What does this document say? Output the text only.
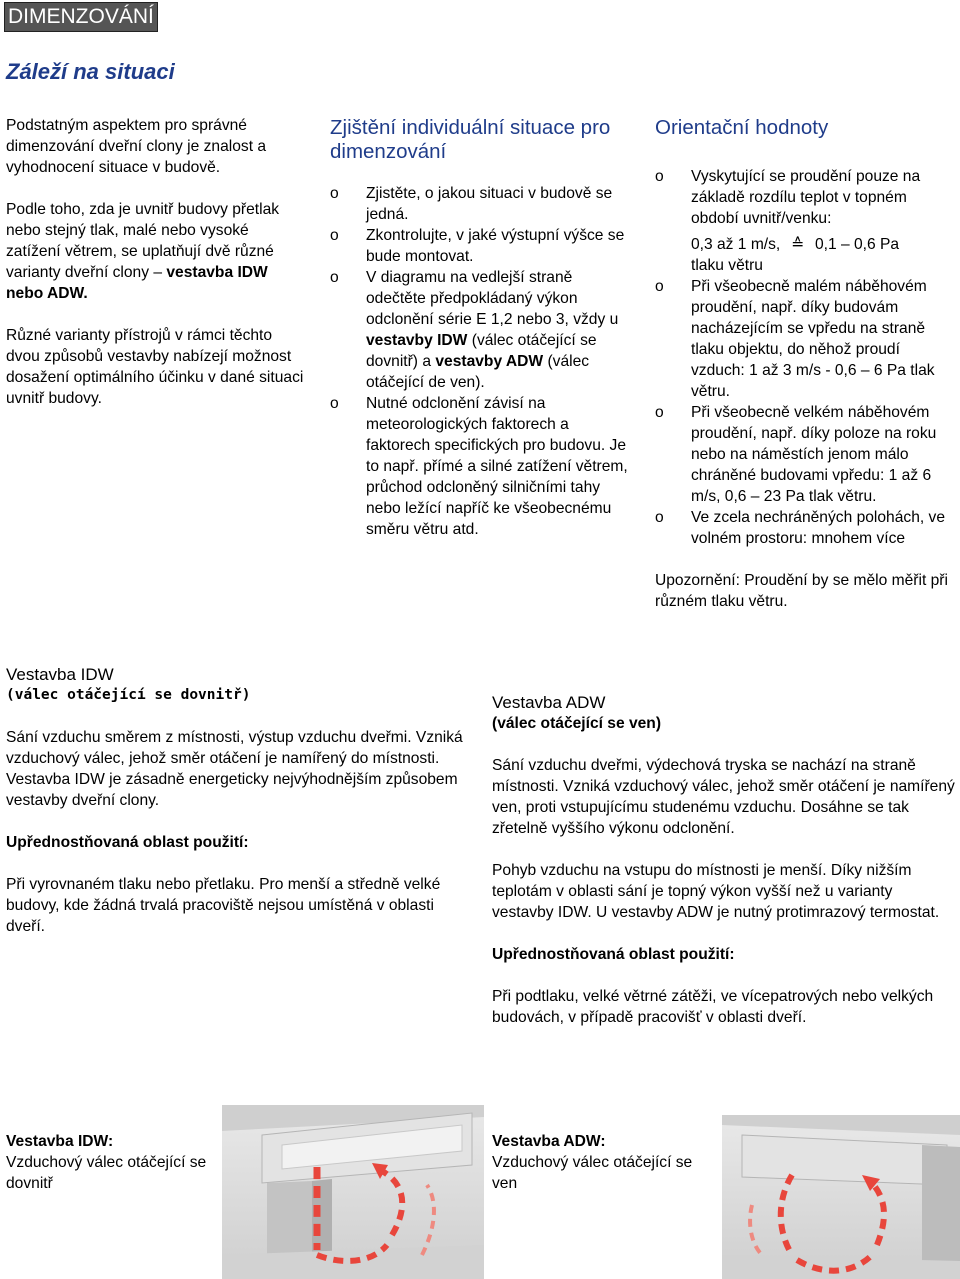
DIMENZOVÁNÍ
Záleží na situaci

Podstatným aspektem pro správné dimenzování dveřní clony je znalost a vyhodnocení situace v budově.

Podle toho, zda je uvnitř budovy přetlak nebo stejný tlak, malé nebo vysoké zatížení větrem, se uplatňují dvě různé varianty dveřní clony – vestavba IDW nebo ADW.

Různé varianty přístrojů v rámci těchto dvou způsobů vestavby nabízejí možnost dosažení optimálního účinku v dané situaci uvnitř budovy.

Zjištění individuální situace pro dimenzování
o Zjistěte, o jakou situaci v budově se jedná.
o Zkontrolujte, v jaké výstupní výšce se bude montovat.
o V diagramu na vedlejší straně odečtěte předpokládaný výkon odclonění série E 1,2 nebo 3, vždy u vestavby IDW (válec otáčející se dovnitř) a vestavby ADW (válec otáčející de ven).
o Nutné odclonění závisí na meteorologických faktorech a faktorech specifických pro budovu. Je to např. přímé a silné zatížení větrem, průchod odcloněný silničními tahy nebo ležící napříč ke všeobecnému směru větru atd.
Orientační hodnoty
o Vyskytující se proudění pouze na základě rozdílu teplot v topném období uvnitř/venku:
0,3 až 1 m/s, ≙ 0,1 – 0,6 Pa
tlaku větru
o Při všeobecně malém náběhovém proudění, např. díky budovám nacházejícím se vpředu na straně tlaku objektu, do něhož proudí vzduch: 1 až 3 m/s - 0,6 – 6 Pa tlak větru.
o Při všeobecně velkém náběhovém proudění, např. díky poloze na roku nebo na náměstích jenom málo chráněné budovami vpředu: 1 až 6 m/s, 0,6 – 23 Pa tlak větru.
o Ve zcela nechráněných polohách, ve volném prostoru: mnohem více

Upozornění: Proudění by se mělo měřit při různém tlaku větru.

Vestavba IDW
(válec otáčející se dovnitř)

Sání vzduchu směrem z místnosti, výstup vzduchu dveřmi. Vzniká vzduchový válec, jehož směr otáčení je namířený do místnosti. Vestavba IDW je zásadně energeticky nejvýhodnějším způsobem vestavby dveřní clony.

Upřednostňovaná oblast použití:

Při vyrovnaném tlaku nebo přetlaku. Pro menší a středně velké budovy, kde žádná trvalá pracoviště nejsou umístěná v oblasti dveří.

Vestavba ADW
(válec otáčející se ven)

Sání vzduchu dveřmi, výdechová tryska se nachází na straně místnosti. Vzniká vzduchový válec, jehož směr otáčení je namířený ven, proti vstupujícímu studenému vzduchu. Dosáhne se tak zřetelně vyššího výkonu odclonění.

Pohyb vzduchu na vstupu do místnosti je menší. Díky nižším teplotám v oblasti sání je topný výkon vyšší než u varianty vestavby IDW. U vestavby ADW je nutný protimrazový termostat.

Upřednostňovaná oblast použití:

Při podtlaku, velké větrné zátěži, ve vícepatrových nebo velkých budovách, v případě pracovišť v oblasti dveří.

Vestavba IDW:
Vzduchový válec otáčející se dovnitř
Vestavba ADW:
Vzduchový válec otáčející se ven
